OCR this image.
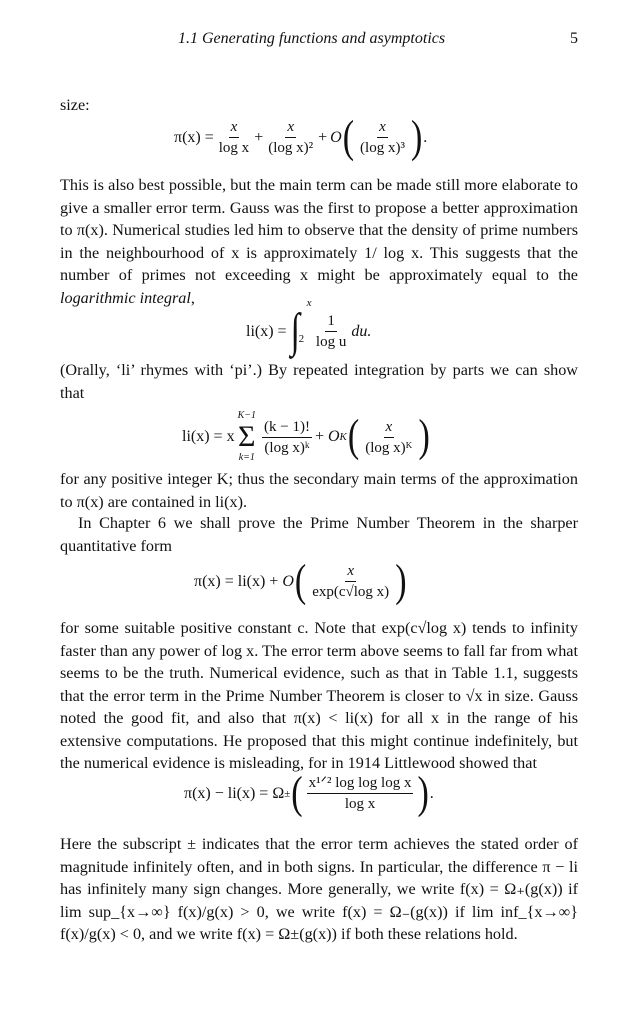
1.1 Generating functions and asymptotics	5

size:

$\pi(x) = \frac{x}{\text{log x}} + \frac{x}{\text{(log x)²}} + O$ ( $\frac{x}{\text{(log x)³}}$ ) .

This is also best possible, but the main term can be made still more elaborate to give a smaller error term. Gauss was the first to propose a better approximation to π(x). Numerical studies led him to observe that the density of prime numbers in the neighbourhood of x is approximately 1/ log x. This suggests that the number of primes not exceeding x might be approximately equal to the logarithmic integral,

li(x) = ∫
x
$2 \frac{1}{\text{log u}}$ du.

(Orally, ‘li’ rhymes with ‘pi’.) By repeated integration by parts we can show that

li(x) = x
K−1
Σ
k=1
$\frac{(k - 1)!}{\text{(log x)ᵏ}} + O$ K ( $\frac{x}{\text{(log x)ᴷ}}$ )

for any positive integer K; thus the secondary main terms of the approximation to π(x) are contained in li(x).

In Chapter 6 we shall prove the Prime Number Theorem in the sharper quantitative form

π(x) = li(x) + O ( $\frac{x}{\text{exp(c√log x)}}$ )

for some suitable positive constant c. Note that exp(c√log x) tends to infinity faster than any power of log x. The error term above seems to fall far from what seems to be the truth. Numerical evidence, such as that in Table 1.1, suggests that the error term in the Prime Number Theorem is closer to √x in size. Gauss noted the good fit, and also that π(x) < li(x) for all x in the range of his extensive computations. He proposed that this might continue indefinitely, but the numerical evidence is misleading, for in 1914 Littlewood showed that

π(x) − li(x) = Ω ± ( $\frac{\text{x¹ᐟ² log log log x}}{\text{log x}}$ ) .

Here the subscript ± indicates that the error term achieves the stated order of magnitude infinitely often, and in both signs. In particular, the difference π − li has infinitely many sign changes. More generally, we write f(x) = Ω₊(g(x)) if lim sup_{x→∞} f(x)/g(x) > 0, we write f(x) = Ω₋(g(x)) if lim inf_{x→∞} f(x)/g(x) < 0, and we write f(x) = Ω±(g(x)) if both these relations hold.
